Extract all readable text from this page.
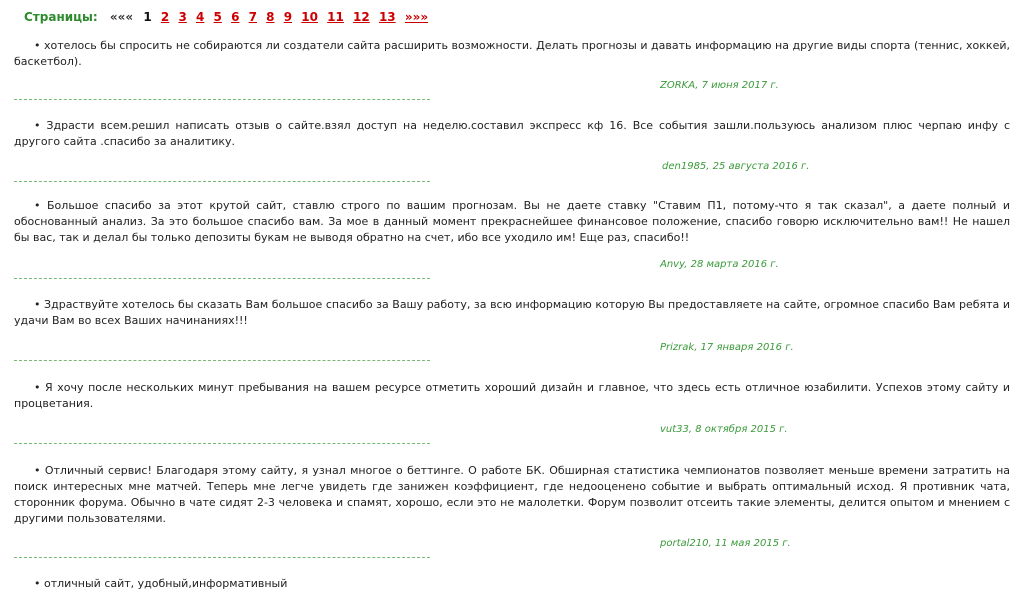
Страницы: ««« 1 2 3 4 5 6 7 8 9 10 11 12 13 »»»

• хотелось бы спросить не собираются ли создатели сайта расширить возможности. Делать прогнозы и давать информацию на другие виды спорта (теннис, хоккей, баскетбол).

ZORKA, 7 июня 2017 г.

• Здрасти всем.решил написать отзыв о сайте.взял доступ на неделю.составил экспресс кф 16. Все события зашли.пользуюсь анализом плюс черпаю инфу с другого сайта .спасибо за аналитику.

den1985, 25 августа 2016 г.

• Большое спасибо за этот крутой сайт, ставлю строго по вашим прогнозам. Вы не даете ставку "Ставим П1, потому-что я так сказал", а даете полный и обоснованный анализ. За это большое спасибо вам. За мое в данный момент прекраснейшее финансовое положение, спасибо говорю исключительно вам!! Не нашел бы вас, так и делал бы только депозиты букам не выводя обратно на счет, ибо все уходило им! Еще раз, спасибо!!

Anvy, 28 марта 2016 г.

• Здраствуйте хотелось бы сказать Вам большое спасибо за Вашу работу, за всю информацию которую Вы предоставляете на сайте, огромное спасибо Вам ребята и удачи Вам во всех Ваших начинаниях!!!

Prizrak, 17 января 2016 г.

• Я хочу после нескольких минут пребывания на вашем ресурсе отметить хороший дизайн и главное, что здесь есть отличное юзабилити. Успехов этому сайту и процветания.

vut33, 8 октября 2015 г.

• Отличный сервис! Благодаря этому сайту, я узнал многое о беттинге. О работе БК. Обширная статистика чемпионатов позволяет меньше времени затратить на поиск интересных мне матчей. Теперь мне легче увидеть где занижен коэффициент, где недооценено событие и выбрать оптимальный исход. Я противник чата, сторонник форума. Обычно в чате сидят 2-3 человека и спамят, хорошо, если это не малолетки. Форум позволит отсеить такие элементы, делится опытом и мнением с другими пользователями.

portal210, 11 мая 2015 г.

• отличный сайт, удобный,информативный
